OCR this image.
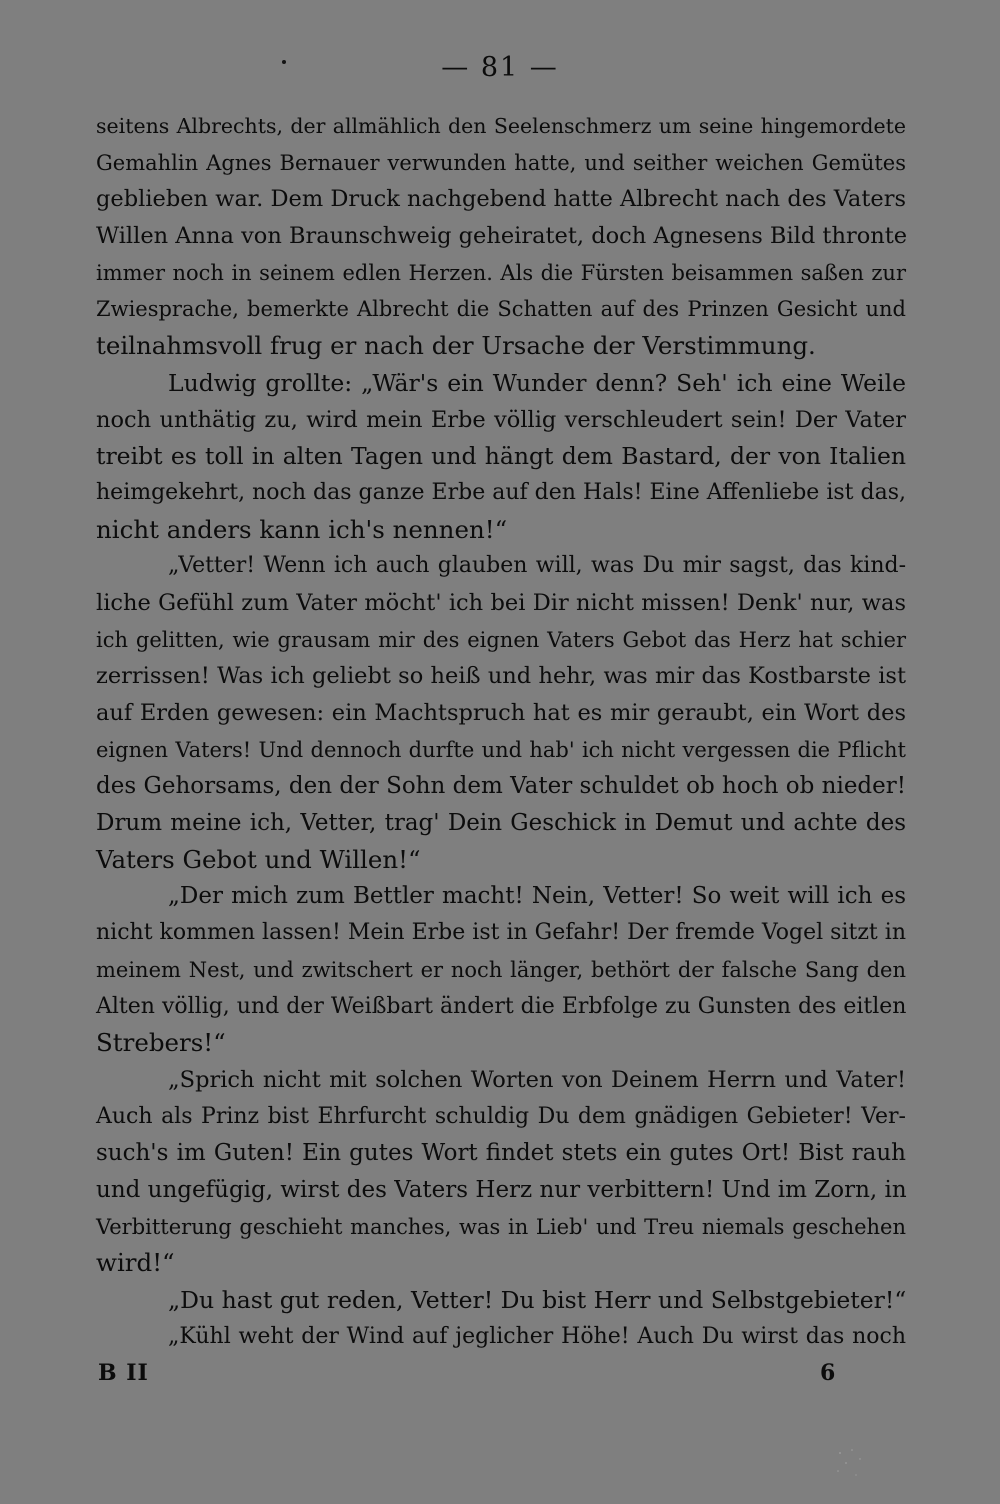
— 81 —
seitens Albrechts, der allmählich den Seelenschmerz um seine hingemordete
Gemahlin Agnes Bernauer verwunden hatte, und seither weichen Gemütes
geblieben war. Dem Druck nachgebend hatte Albrecht nach des Vaters
Willen Anna von Braunschweig geheiratet, doch Agnesens Bild thronte
immer noch in seinem edlen Herzen. Als die Fürsten beisammen saßen zur
Zwiesprache, bemerkte Albrecht die Schatten auf des Prinzen Gesicht und
teilnahmsvoll frug er nach der Ursache der Verstimmung.
Ludwig grollte: „Wär's ein Wunder denn? Seh' ich eine Weile
noch unthätig zu, wird mein Erbe völlig verschleudert sein! Der Vater
treibt es toll in alten Tagen und hängt dem Bastard, der von Italien
heimgekehrt, noch das ganze Erbe auf den Hals! Eine Affenliebe ist das,
nicht anders kann ich's nennen!“
„Vetter! Wenn ich auch glauben will, was Du mir sagst, das kind-
liche Gefühl zum Vater möcht' ich bei Dir nicht missen! Denk' nur, was
ich gelitten, wie grausam mir des eignen Vaters Gebot das Herz hat schier
zerrissen! Was ich geliebt so heiß und hehr, was mir das Kostbarste ist
auf Erden gewesen: ein Machtspruch hat es mir geraubt, ein Wort des
eignen Vaters! Und dennoch durfte und hab' ich nicht vergessen die Pflicht
des Gehorsams, den der Sohn dem Vater schuldet ob hoch ob nieder!
Drum meine ich, Vetter, trag' Dein Geschick in Demut und achte des
Vaters Gebot und Willen!“
„Der mich zum Bettler macht! Nein, Vetter! So weit will ich es
nicht kommen lassen! Mein Erbe ist in Gefahr! Der fremde Vogel sitzt in
meinem Nest, und zwitschert er noch länger, bethört der falsche Sang den
Alten völlig, und der Weißbart ändert die Erbfolge zu Gunsten des eitlen
Strebers!“
„Sprich nicht mit solchen Worten von Deinem Herrn und Vater!
Auch als Prinz bist Ehrfurcht schuldig Du dem gnädigen Gebieter! Ver-
such's im Guten! Ein gutes Wort findet stets ein gutes Ort! Bist rauh
und ungefügig, wirst des Vaters Herz nur verbittern! Und im Zorn, in
Verbitterung geschieht manches, was in Lieb' und Treu niemals geschehen
wird!“
„Du hast gut reden, Vetter! Du bist Herr und Selbstgebieter!“
„Kühl weht der Wind auf jeglicher Höhe! Auch Du wirst das noch
B II	6
